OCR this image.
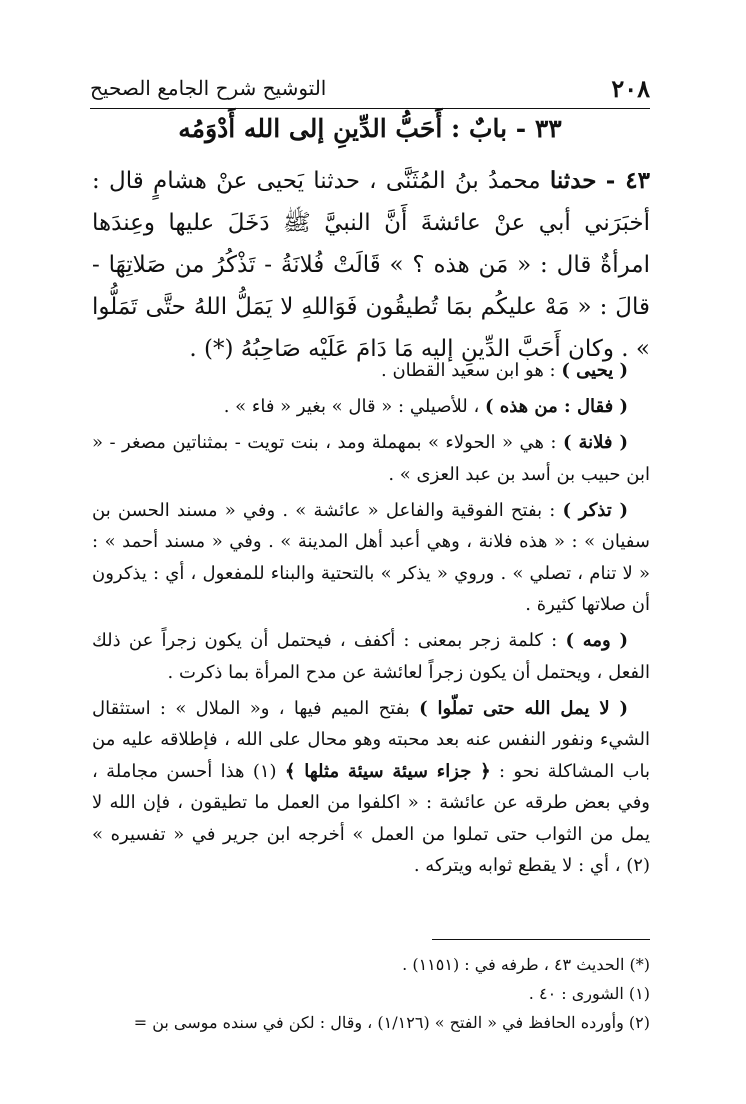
٢٠٨
التوشيح شرح الجامع الصحيح
٣٣ - بابٌ : أَحَبُّ الدِّينِ إلى الله أَدْوَمُه
٤٣ - حدثنا محمدُ بنُ المُثَنَّى ، حدثنا يَحيى عنْ هشامٍ قال : أخبَرَني أبي عنْ عائشةَ أَنَّ النبيَّ ﷺ دَخَلَ عليها وعِندَها امرأةٌ قال : « مَن هذه ؟ » قَالَتْ فُلانَةُ - تَذْكُرُ من صَلاتِهَا - قالَ : « مَهْ عليكُم بمَا تُطيقُون فَوَاللهِ لا يَمَلُّ اللهُ حتَّى تَمَلُّوا » . وكان أَحَبَّ الدِّينِ إليه مَا دَامَ عَلَيْه صَاحِبُهُ (*) .

( يحيى ) : هو ابن سعيد القطان .

( فقال : من هذه ) ، للأصيلي : « قال » بغير « فاء » .

( فلانة ) : هي « الحولاء » بمهملة ومد ، بنت تويت - بمثناتين مصغر - « ابن حبيب بن أسد بن عبد العزى » .

( تذكر ) : بفتح الفوقية والفاعل « عائشة » . وفي « مسند الحسن بن سفيان » : « هذه فلانة ، وهي أعبد أهل المدينة » . وفي « مسند أحمد » : « لا تنام ، تصلي » . وروي « يذكر » بالتحتية والبناء للمفعول ، أي : يذكرون أن صلاتها كثيرة .

( ومه ) : كلمة زجر بمعنى : أكفف ، فيحتمل أن يكون زجراً عن ذلك الفعل ، ويحتمل أن يكون زجراً لعائشة عن مدح المرأة بما ذكرت .

( لا يمل الله حتى تملّوا ) بفتح الميم فيها ، و« الملال » : استثقال الشيء ونفور النفس عنه بعد محبته وهو محال على الله ، فإطلاقه عليه من باب المشاكلة نحو : ﴿ جزاء سيئة سيئة مثلها ﴾ (١) هذا أحسن مجاملة ، وفي بعض طرقه عن عائشة : « اكلفوا من العمل ما تطيقون ، فإن الله لا يمل من الثواب حتى تملوا من العمل » أخرجه ابن جرير في « تفسيره » (٢) ، أي : لا يقطع ثوابه ويتركه .

(*) الحديث ٤٣ ، طرفه في : (١١٥١) .
(١) الشورى : ٤٠ .
(٢) وأورده الحافظ في « الفتح » (١/١٢٦) ، وقال : لكن في سنده موسى بن =
